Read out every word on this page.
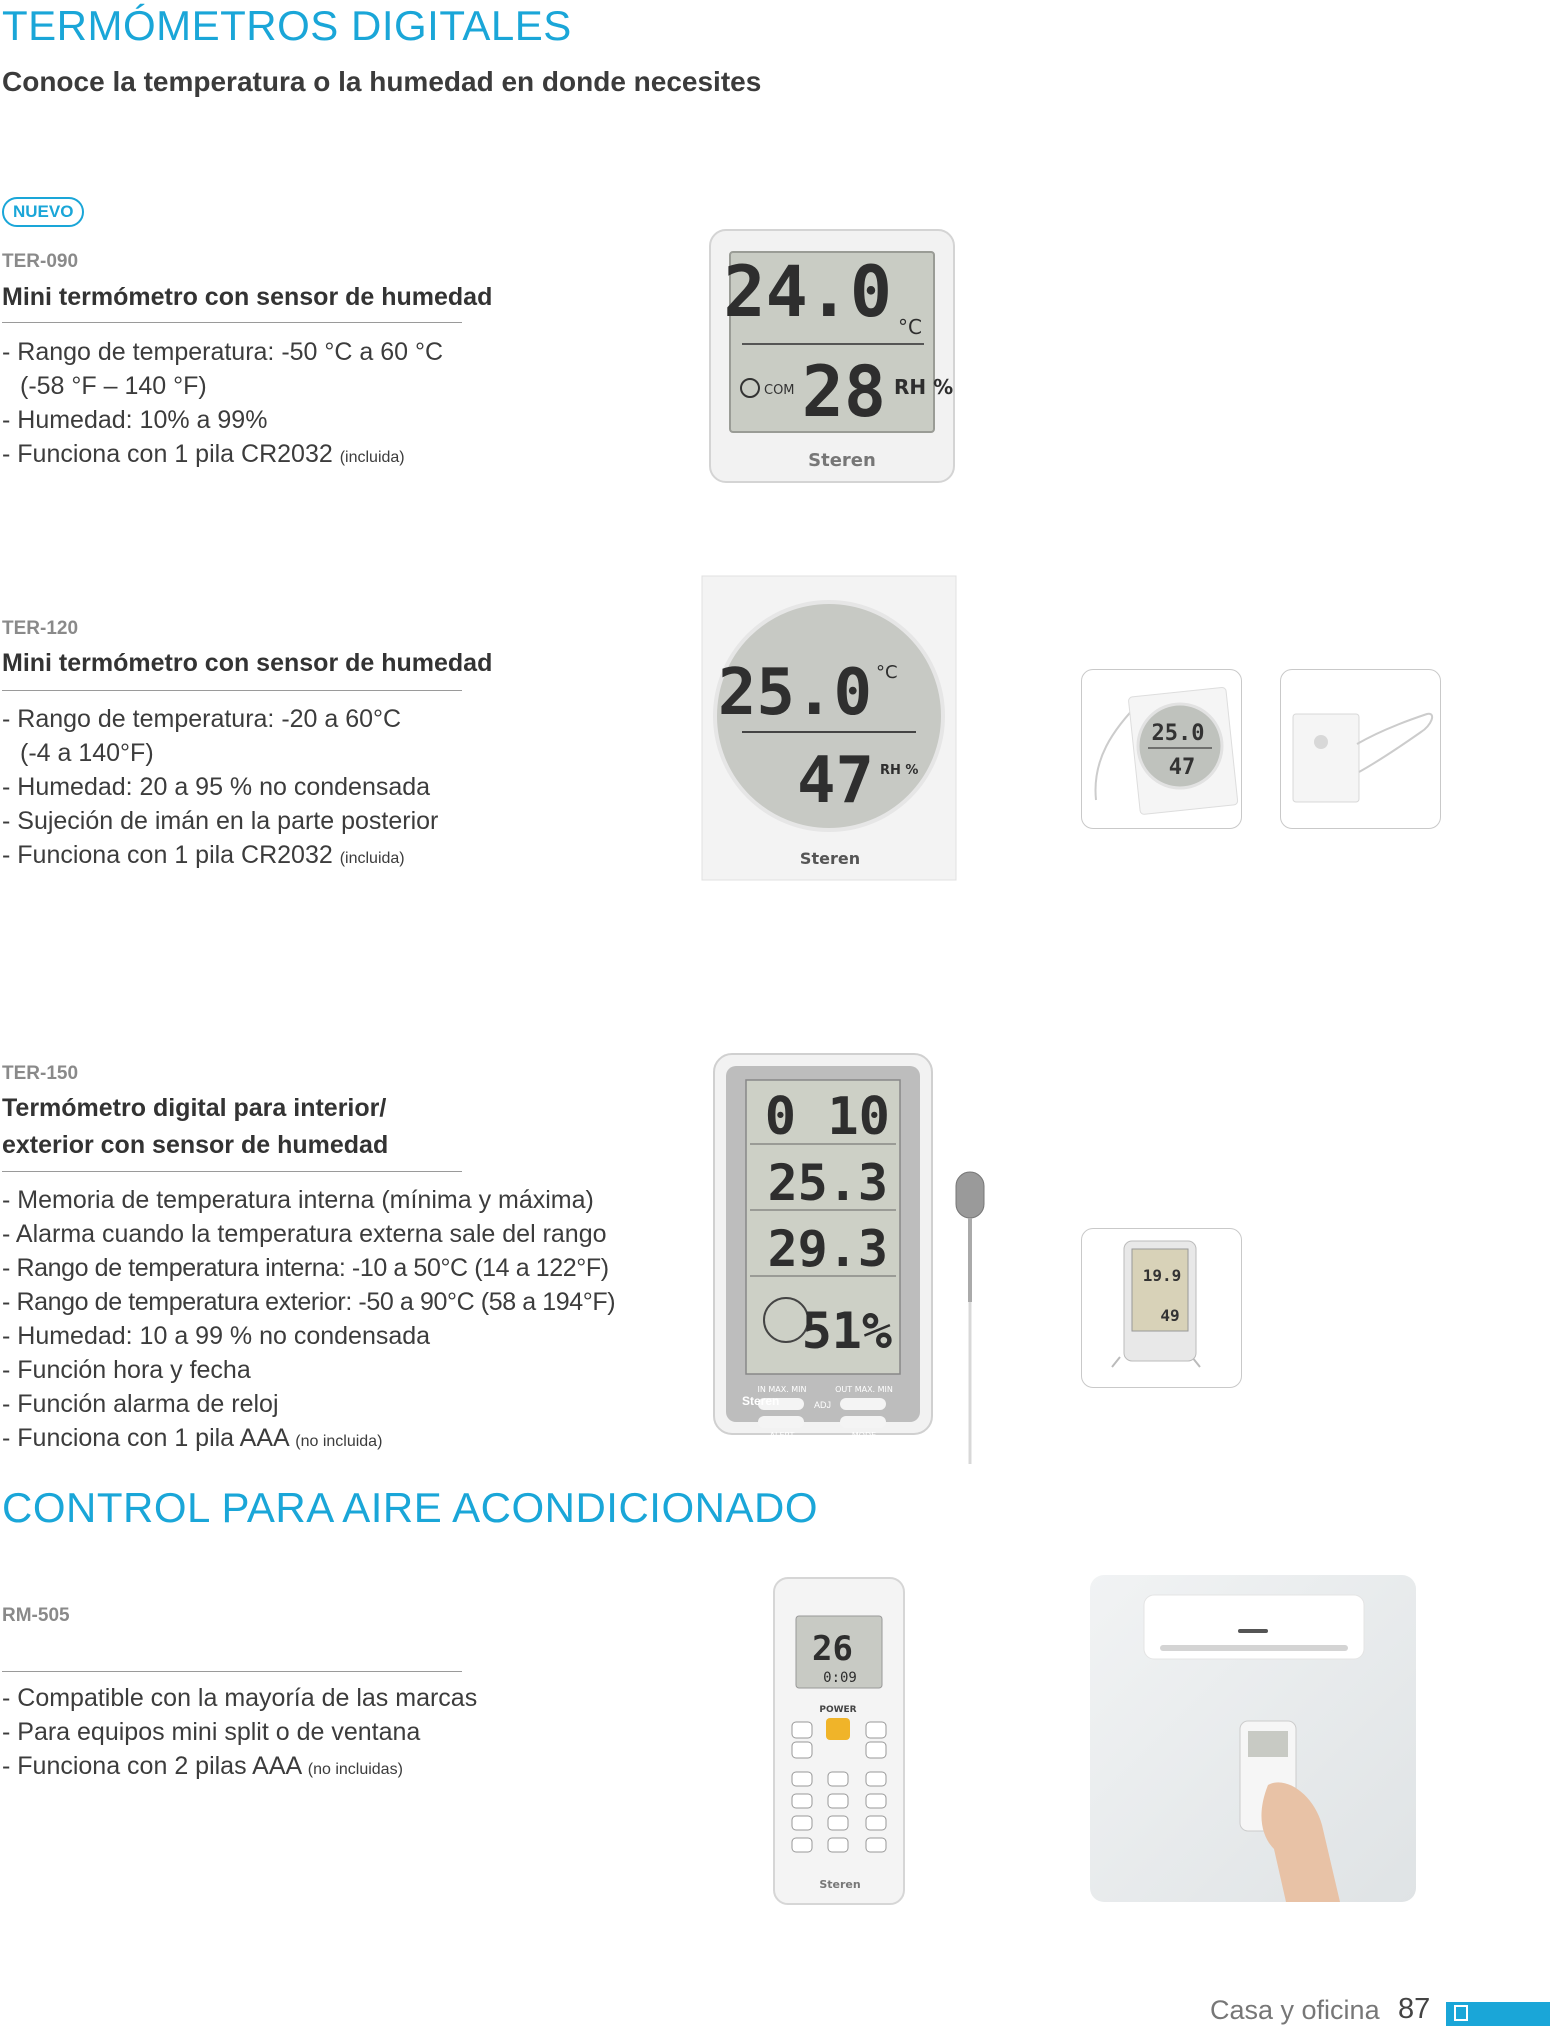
TERMÓMETROS DIGITALES
Conoce la temperatura o la humedad en donde necesites
NUEVO
TER-090
Mini termómetro con sensor de humedad
- Rango de temperatura: -50 °C a 60 °C
(-58 °F – 140 °F)
- Humedad: 10% a 99%
- Funciona con 1 pila CR2032 (incluida)
24.0 °C
28 RH %
COM
Steren
TER-120
Mini termómetro con sensor de humedad
- Rango de temperatura: -20 a 60°C
(-4 a 140°F)
- Humedad: 20 a 95 % no condensada
- Sujeción de imán en la parte posterior
- Funciona con 1 pila CR2032 (incluida)
25.0 °C
47 RH %
Steren
25.0
47
TER-150
Termómetro digital para interior/
exterior con sensor de humedad
- Memoria de temperatura interna (mínima y máxima)
- Alarma cuando la temperatura externa sale del rango
- Rango de temperatura interna: -10 a 50°C (14 a 122°F)
- Rango de temperatura exterior: -50 a 90°C (58 a 194°F)
- Humedad: 10 a 99 % no condensada
- Función hora y fecha
- Función alarma de reloj
- Funciona con 1 pila AAA (no incluida)
0 10
25.3
29.3
51%
IN MAX. MIN	OUT MAX. MIN
ALERT	MODE
Steren	ADJ
19.9
49
CONTROL PARA AIRE ACONDICIONADO
RM-505
- Compatible con la mayoría de las marcas
- Para equipos mini split o de ventana
- Funciona con 2 pilas AAA (no incluidas)
26
0:09
POWER
Steren
Casa y oficina 87
